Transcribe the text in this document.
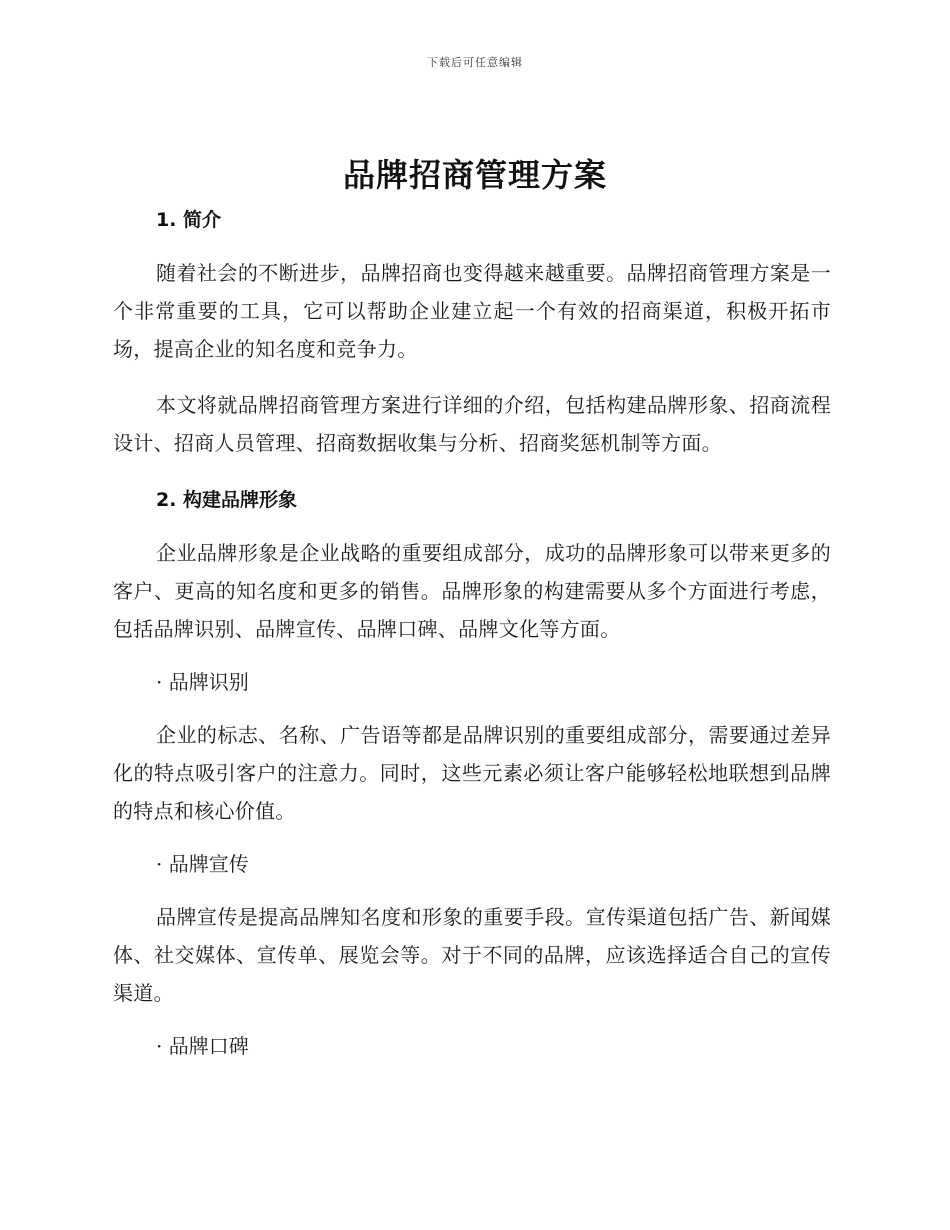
下载后可任意编辑
品牌招商管理方案
1. 简介

随着社会的不断进步，品牌招商也变得越来越重要。品牌招商管理方案是一个非常重要的工具，它可以帮助企业建立起一个有效的招商渠道，积极开拓市场，提高企业的知名度和竞争力。

本文将就品牌招商管理方案进行详细的介绍，包括构建品牌形象、招商流程设计、招商人员管理、招商数据收集与分析、招商奖惩机制等方面。

2. 构建品牌形象

企业品牌形象是企业战略的重要组成部分，成功的品牌形象可以带来更多的客户、更高的知名度和更多的销售。品牌形象的构建需要从多个方面进行考虑，包括品牌识别、品牌宣传、品牌口碑、品牌文化等方面。

· 品牌识别

企业的标志、名称、广告语等都是品牌识别的重要组成部分，需要通过差异化的特点吸引客户的注意力。同时，这些元素必须让客户能够轻松地联想到品牌的特点和核心价值。

· 品牌宣传

品牌宣传是提高品牌知名度和形象的重要手段。宣传渠道包括广告、新闻媒体、社交媒体、宣传单、展览会等。对于不同的品牌，应该选择适合自己的宣传渠道。

· 品牌口碑
